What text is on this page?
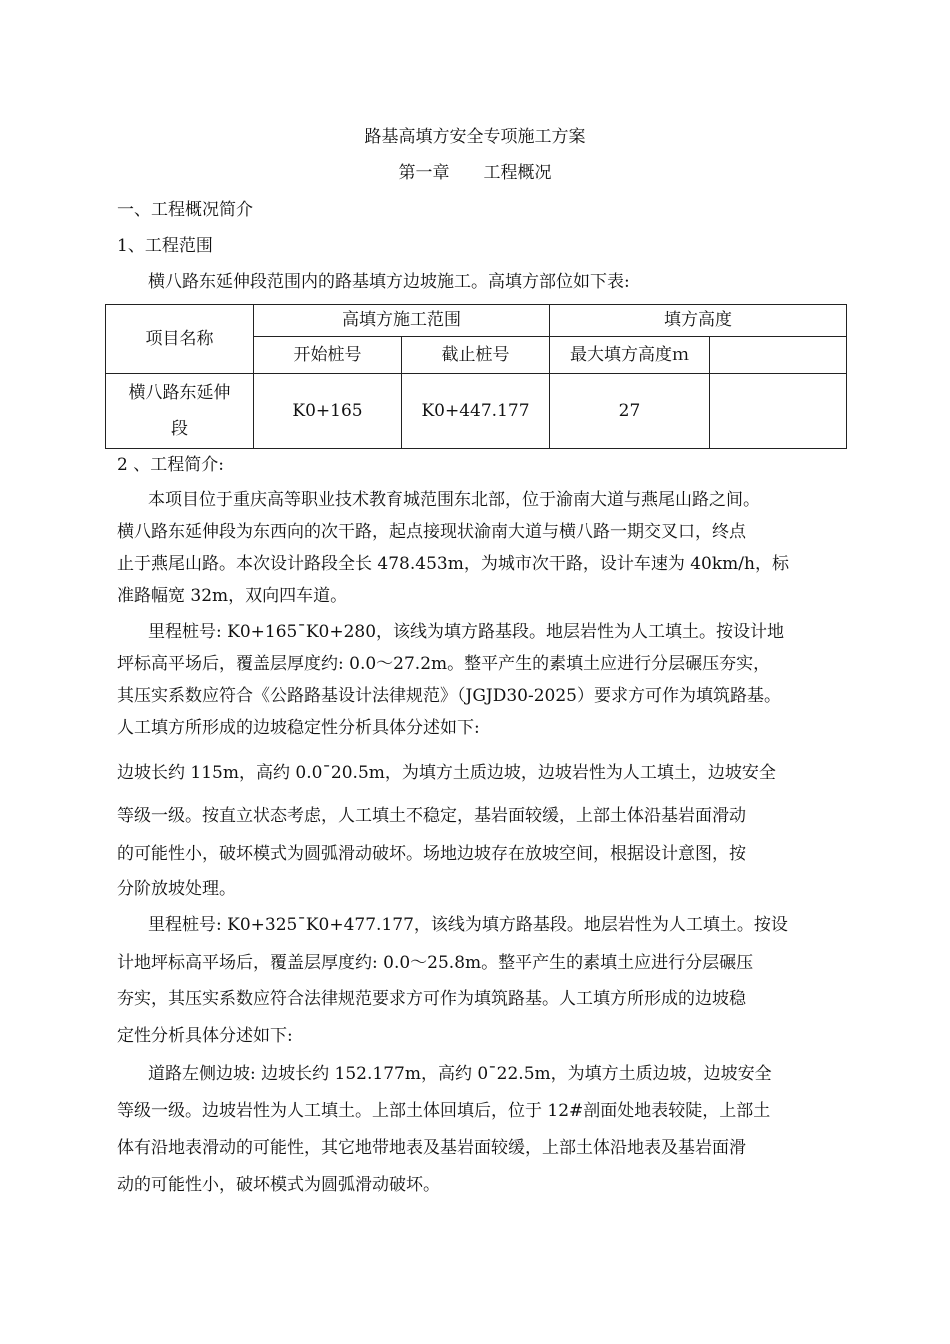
路基高填方安全专项施工方案
第一章　　工程概况
一、工程概况简介
1、工程范围
横八路东延伸段范围内的路基填方边坡施工。高填方部位如下表:
项目名称	高填方施工范围		填方高度	
	开始桩号	截止桩号	最大填方高度ｍ	
横八路东延伸段	K0+165	K0+447.177	27	
2 、工程简介:
本项目位于重庆高等职业技术教育城范围东北部，位于渝南大道与燕尾山路之间。
横八路东延伸段为东西向的次干路，起点接现状渝南大道与横八路一期交叉口，终点
止于燕尾山路。本次设计路段全长 478.453m，为城市次干路，设计车速为 40km/h，标
准路幅宽 32m，双向四车道。
里程桩号: K0+165¯K0+280，该线为填方路基段。地层岩性为人工填土。按设计地
坪标高平场后，覆盖层厚度约: 0.0～27.2m。整平产生的素填土应进行分层碾压夯实，
其压实系数应符合《公路路基设计法律规范》（JGJD30-2025）要求方可作为填筑路基。
人工填方所形成的边坡稳定性分析具体分述如下:
边坡长约 115m，高约 0.0¯20.5m，为填方土质边坡，边坡岩性为人工填土，边坡安全
等级一级。按直立状态考虑，人工填土不稳定，基岩面较缓，上部土体沿基岩面滑动
的可能性小，破坏模式为圆弧滑动破坏。场地边坡存在放坡空间，根据设计意图，按
分阶放坡处理。
里程桩号: K0+325¯K0+477.177，该线为填方路基段。地层岩性为人工填土。按设
计地坪标高平场后，覆盖层厚度约: 0.0～25.8m。整平产生的素填土应进行分层碾压
夯实，其压实系数应符合法律规范要求方可作为填筑路基。人工填方所形成的边坡稳
定性分析具体分述如下:
道路左侧边坡: 边坡长约 152.177m，高约 0¯22.5m，为填方土质边坡，边坡安全
等级一级。边坡岩性为人工填土。上部土体回填后，位于 12#剖面处地表较陡，上部土
体有沿地表滑动的可能性，其它地带地表及基岩面较缓，上部土体沿地表及基岩面滑
动的可能性小，破坏模式为圆弧滑动破坏。
